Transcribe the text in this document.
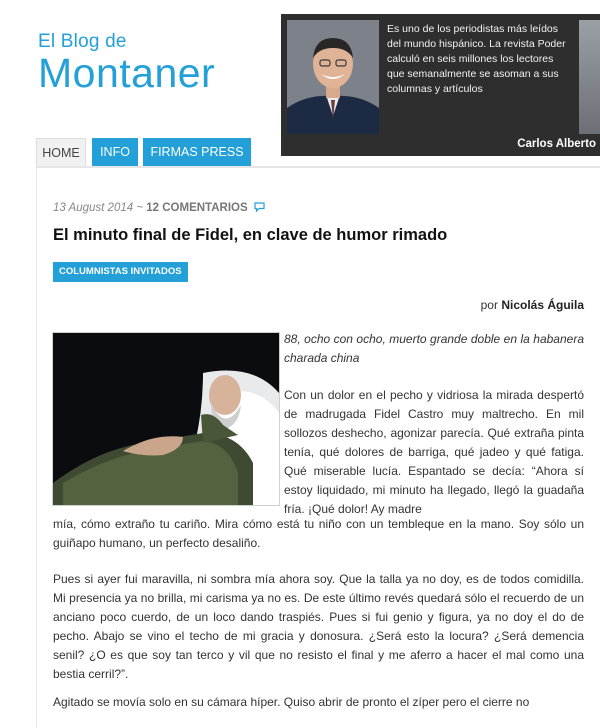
El Blog de
Montaner
Es uno de los periodistas más leídos del mundo hispánico. La revista Poder calculó en seis millones los lectores que semanalmente se asoman a sus columnas y artículos
Carlos Alberto
HOME	INFO	FIRMAS PRESS
13 August 2014 ~ 12 COMENTARIOS
El minuto final de Fidel, en clave de humor rimado
COLUMNISTAS INVITADOS
por Nicolás Águila

88, ocho con ocho, muerto grande doble en la habanera charada china

Con un dolor en el pecho y vidriosa la mirada despertó de madrugada Fidel Castro muy maltrecho. En mil sollozos deshecho, agonizar parecía. Qué extraña pinta tenía, qué dolores de barriga, qué jadeo y qué fatiga. Qué miserable lucía. Espantado se decía: “Ahora sí estoy liquidado, mi minuto ha llegado, llegó la guadaña fría. ¡Qué dolor! Ay madre

mía, cómo extraño tu cariño. Mira cómo está tu niño con un tembleque en la mano. Soy sólo un guiñapo humano, un perfecto desaliño.

Pues si ayer fui maravilla, ni sombra mía ahora soy. Que la talla ya no doy, es de todos comidilla. Mi presencia ya no brilla, mi carisma ya no es. De este último revés quedará sólo el recuerdo de un anciano poco cuerdo, de un loco dando traspiés. Pues si fui genio y figura, ya no doy el do de pecho. Abajo se vino el techo de mi gracia y donosura. ¿Será esto la locura? ¿Será demencia senil? ¿O es que soy tan terco y vil que no resisto el final y me aferro a hacer el mal como una bestia cerril?”.

Agitado se movía solo en su cámara híper. Quiso abrir de pronto el zíper pero el cierre no
